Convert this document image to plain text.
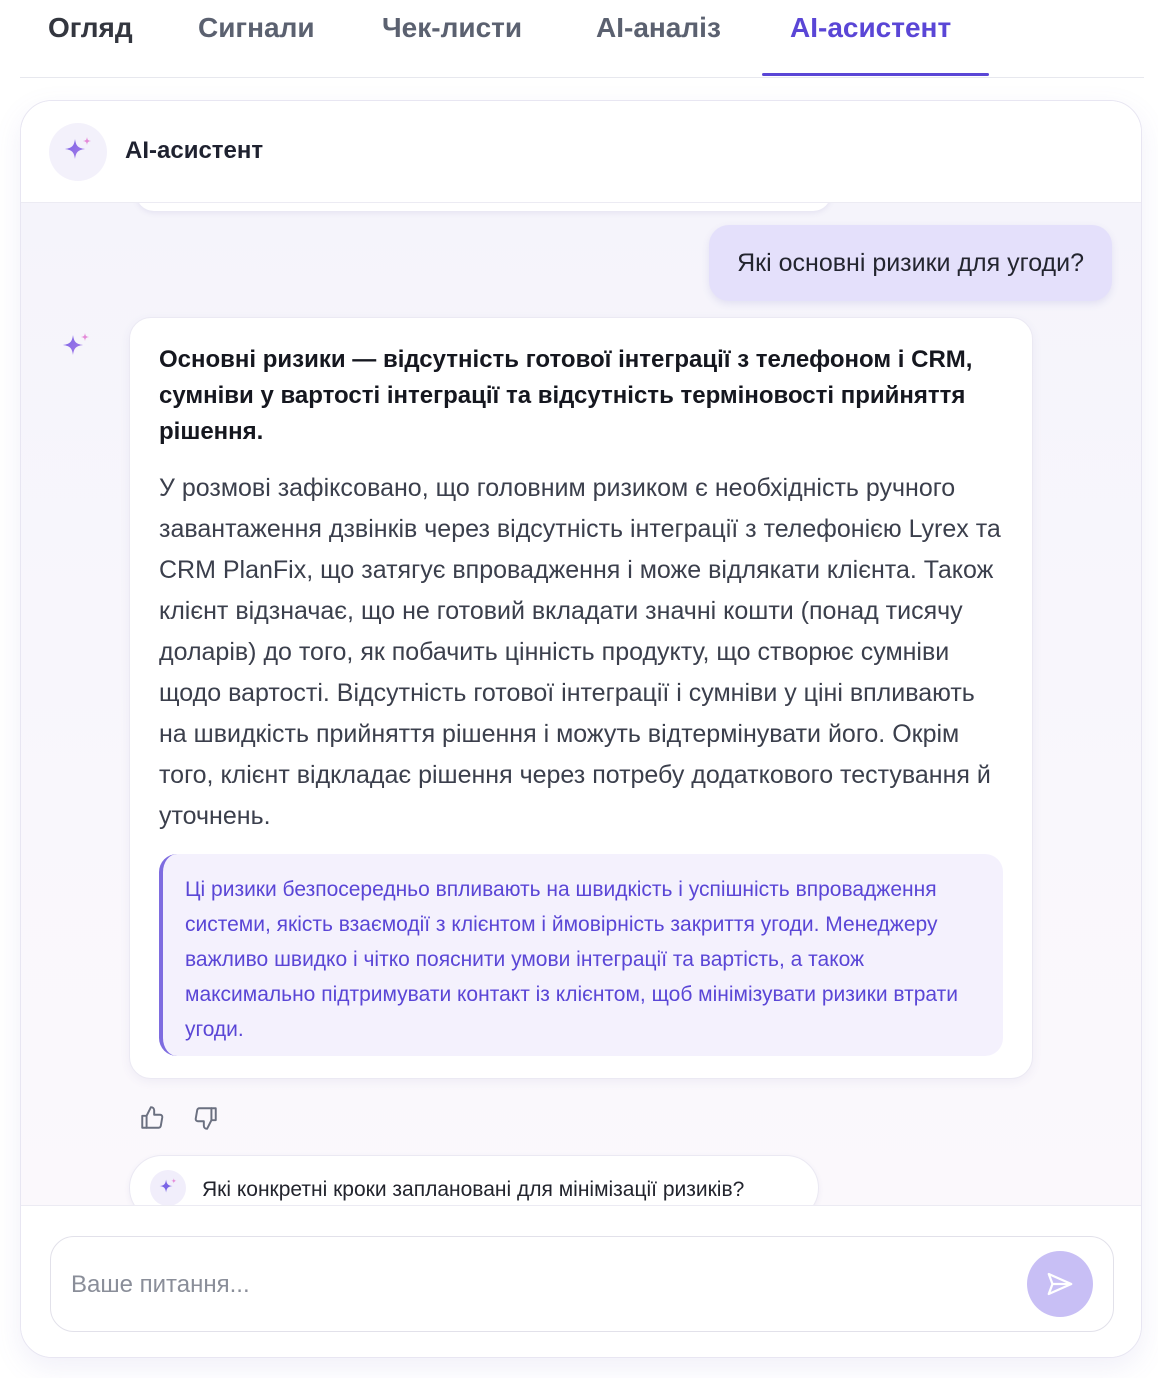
Огляд Сигнали Чек-листи	AI-аналіз AI-асистент
AI-асистент
Які основні ризики для угоди?
Основні ризики — відсутність готової інтеграції з телефоном і CRM, сумніви у вартості інтеграції та відсутність терміновості прийняття рішення.
У розмові зафіксовано, що головним ризиком є необхідність ручного завантаження дзвінків через відсутність інтеграції з телефонією Lyrex та CRM PlanFix, що затягує впровадження і може відлякати клієнта. Також клієнт відзначає, що не готовий вкладати значні кошти (понад тисячу доларів) до того, як побачить цінність продукту, що створює сумніви щодо вартості. Відсутність готової інтеграції і сумніви у ціні впливають на швидкість прийняття рішення і можуть відтермінувати його. Окрім того, клієнт відкладає рішення через потребу додаткового тестування й уточнень.
Ці ризики безпосередньо впливають на швидкість і успішність впровадження системи, якість взаємодії з клієнтом і ймовірність закриття угоди. Менеджеру важливо швидко і чітко пояснити умови інтеграції та вартість, а також максимально підтримувати контакт із клієнтом, щоб мінімізувати ризики втрати угоди.
Які конкретні кроки заплановані для мінімізації ризиків?
Ваше питання...
